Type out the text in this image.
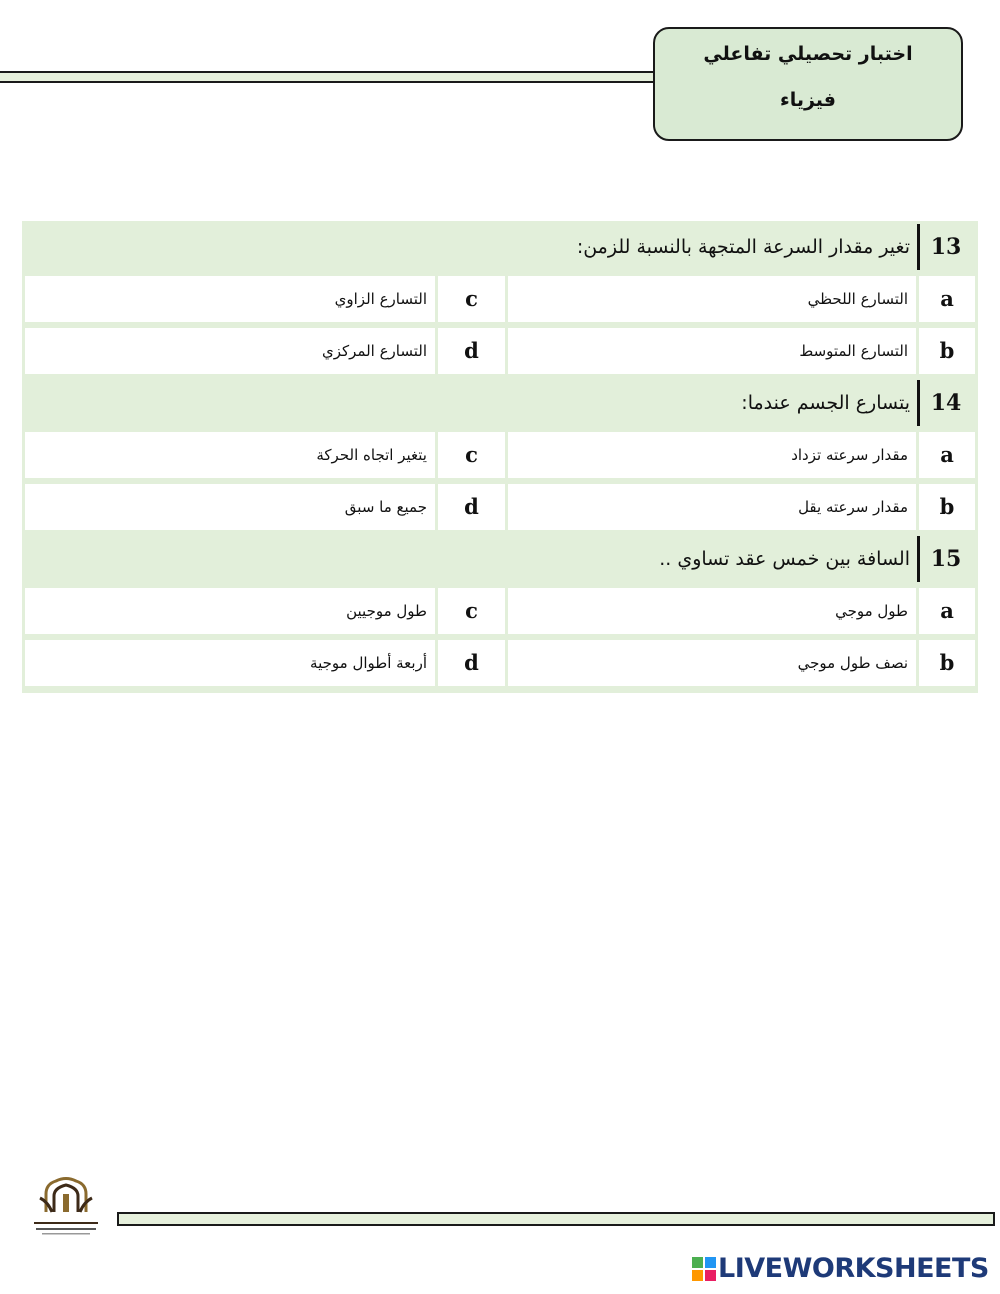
اختبار تحصيلي تفاعلي
فيزياء
13
تغير مقدار السرعة المتجهة بالنسبة للزمن:
a
التسارع اللحظي
c
التسارع الزاوي
b
التسارع المتوسط
d
التسارع المركزي
14
يتسارع الجسم عندما:
a
مقدار سرعته تزداد
c
يتغير اتجاه الحركة
b
مقدار سرعته يقل
d
جميع ما سبق
15
السافة بين خمس عقد تساوي ..
a
طول موجي
c
طول موجيين
b
نصف طول موجي
d
أربعة أطوال موجية
LIVEWORKSHEETS
